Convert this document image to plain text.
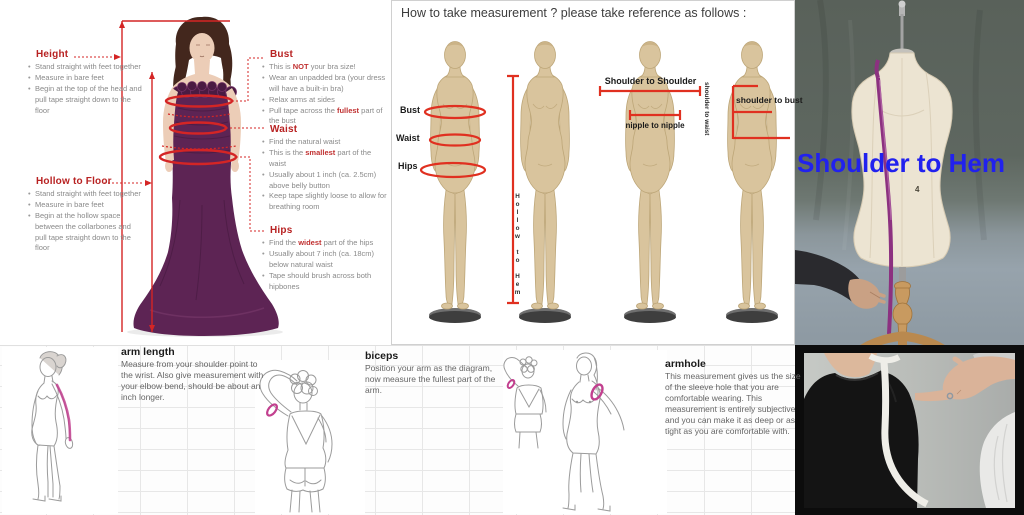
Height
• Stand straight with feet together
• Measure in bare feet
• Begin at the top of the head and pull tape straight down to the floor
Hollow to Floor
• Stand straight with feet together
• Measure in bare feet
• Begin at the hollow space between the collarbones and pull tape straight down to the floor
Bust
• This is NOT your bra size!
• Wear an unpadded bra (your dress will have a built-in bra)
• Relax arms at sides
• Pull tape across the fullest part of the bust
Waist
• Find the natural waist
• This is the smallest part of the waist
• Usually about 1 inch (ca. 2.5cm) above belly button
• Keep tape slightly loose to allow for breathing room
Hips
• Find the widest part of the hips
• Usually about 7 inch (ca. 18cm) below natural waist
• Tape should brush across both hipbones
How to take measurement ? please take reference as follows :
Bust
Waist
Hips
Hollow to Hem
Shoulder to Shoulder
nipple to nipple
shoulder to bust
shoulder to waist
Shoulder to Hem
4
arm length
Measure from your shoulder point to the wrist. Also give measurement with your elbow bend, should be about an inch longer.
biceps
Position your arm as the diagram, now measure the fullest part of the arm.
armhole
This measurement gives us the size of the sleeve hole that you are comfortable wearing. This measurement is entirely subjective and you can make it as deep or as tight as you are comfortable with.
